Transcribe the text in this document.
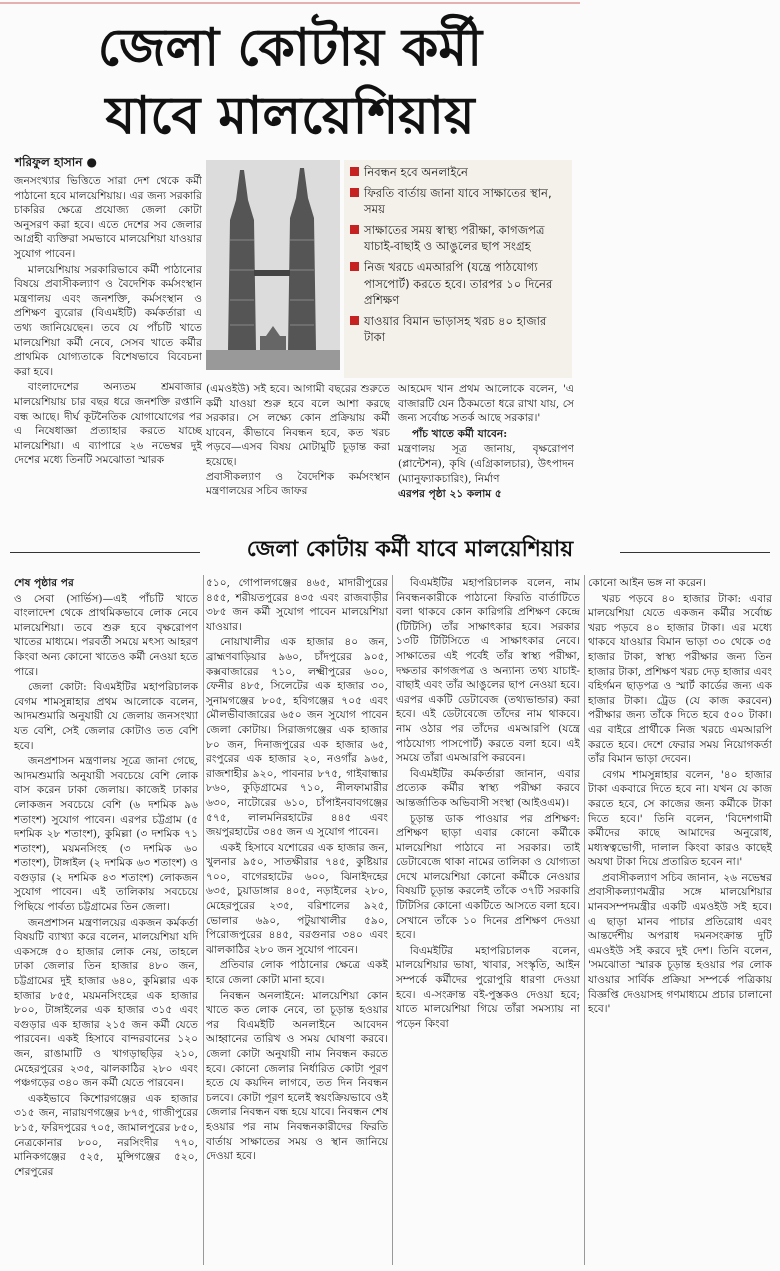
জেলা কোটায় কর্মী
যাবে মালয়েশিয়ায়
শরিফুল হাসান ●

জনসংখ্যার ভিত্তিতে সারা দেশ থেকে কর্মী পাঠানো হবে মালয়েশিয়ায়। এর জন্য সরকারি চাকরির ক্ষেত্রে প্রযোজ্য জেলা কোটা অনুসরণ করা হবে। এতে দেশের সব জেলার আগ্রহী ব্যক্তিরা সমভাবে মালয়েশিয়া যাওয়ার সুযোগ পাবেন।

মালয়েশিয়ায় সরকারিভাবে কর্মী পাঠানোর বিষয়ে প্রবাসীকল্যাণ ও বৈদেশিক কর্মসংস্থান মন্ত্রণালয় এবং জনশক্তি, কর্মসংস্থান ও প্রশিক্ষণ ব্যুরোর (বিএমইটি) কর্মকর্তারা এ তথ্য জানিয়েছেন। তবে যে পাঁচটি খাতে মালয়েশিয়া কর্মী নেবে, সেসব খাতে কর্মীর প্রাথমিক যোগ্যতাকে বিশেষভাবে বিবেচনা করা হবে।

বাংলাদেশের অন্যতম শ্রমবাজার মালয়েশিয়ায় চার বছর ধরে জনশক্তি রপ্তানি বন্ধ আছে। দীর্ঘ কূটনৈতিক যোগাযোগের পর এ নিষেধাজ্ঞা প্রত্যাহার করতে যাচ্ছে মালয়েশিয়া। এ ব্যাপারে ২৬ নভেম্বর দুই দেশের মধ্যে তিনটি সমঝোতা স্মারক

নিবন্ধন হবে অনলাইনে
ফিরতি বার্তায় জানা যাবে সাক্ষাতের স্থান, সময়
সাক্ষাতের সময় স্বাস্থ্য পরীক্ষা, কাগজপত্র যাচাই-বাছাই ও আঙুলের ছাপ সংগ্রহ
নিজ খরচে এমআরপি (যন্ত্রে পাঠযোগ্য পাসপোর্ট) করতে হবে। তারপর ১০ দিনের প্রশিক্ষণ
যাওয়ার বিমান ভাড়াসহ খরচ ৪০ হাজার টাকা
(এমওইউ) সই হবে। আগামী বছরের শুরুতে কর্মী যাওয়া শুরু হবে বলে আশা করছে সরকার। সে লক্ষ্যে কোন প্রক্রিয়ায় কর্মী যাবেন, কীভাবে নিবন্ধন হবে, কত খরচ পড়বে—এসব বিষয় মোটামুটি চূড়ান্ত করা হয়েছে।
প্রবাসীকল্যাণ ও বৈদেশিক কর্মসংস্থান মন্ত্রণালয়ের সচিব জাফর

আহমেদ খান প্রথম আলোকে বলেন, 'এ বাজারটি যেন ঠিকমতো ধরে রাখা যায়, সে জন্য সর্বোচ্চ সতর্ক আছে সরকার।'

পাঁচ খাতে কর্মী যাবেন:

মন্ত্রণালয় সূত্র জানায়, বৃক্ষরোপণ (প্লান্টেশন), কৃষি (এগ্রিকালচার), উৎপাদন (ম্যানুফ্যাকচারিং), নির্মাণ

এরপর পৃষ্ঠা ২১ কলাম ৫

জেলা কোটায় কর্মী যাবে মালয়েশিয়ায়

শেষ পৃষ্ঠার পর

ও সেবা (সার্ভিস)—এই পাঁচটি খাতে বাংলাদেশ থেকে প্রাথমিকভাবে লোক নেবে মালয়েশিয়া। তবে শুরু হবে বৃক্ষরোপণ খাতের মাধ্যমে। পরবর্তী সময়ে মৎস্য আহরণ কিংবা অন্য কোনো খাতেও কর্মী নেওয়া হতে পারে।

জেলা কোটা: বিএমইটির মহাপরিচালক বেগম শামসুন্নাহার প্রথম আলোকে বলেন, আদমশুমারি অনুযায়ী যে জেলায় জনসংখ্যা যত বেশি, সেই জেলার কোটাও তত বেশি হবে।

জনপ্রশাসন মন্ত্রণালয় সূত্রে জানা গেছে, আদমশুমারি অনুযায়ী সবচেয়ে বেশি লোক বাস করেন ঢাকা জেলায়। কাজেই ঢাকার লোকজন সবচেয়ে বেশি (৬ দশমিক ৯৬ শতাংশ) সুযোগ পাবেন। এরপর চট্টগ্রাম (৫ দশমিক ২৮ শতাংশ), কুমিল্লা (৩ দশমিক ৭১ শতাংশ), ময়মনসিংহ (৩ দশমিক ৬০ শতাংশ), টাঙ্গাইল (২ দশমিক ৬৩ শতাংশ) ও বগুড়ার (২ দশমিক ৪৩ শতাংশ) লোকজন সুযোগ পাবেন। এই তালিকায় সবচেয়ে পিছিয়ে পার্বত্য চট্টগ্রামের তিন জেলা।

জনপ্রশাসন মন্ত্রণালয়ের একজন কর্মকর্তা বিষয়টি ব্যাখ্যা করে বলেন, মালয়েশিয়া যদি একসঙ্গে ৫০ হাজার লোক নেয়, তাহলে ঢাকা জেলার তিন হাজার ৪৮০ জন, চট্টগ্রামের দুই হাজার ৬৪০, কুমিল্লার এক হাজার ৮৫৫, ময়মনসিংহের এক হাজার ৮০০, টাঙ্গাইলের এক হাজার ৩১৫ এবং বগুড়ার এক হাজার ২১৫ জন কর্মী যেতে পারবেন। একই হিসাবে বান্দরবানের ১২০ জন, রাঙামাটি ও খাগড়াছড়ির ২১০, মেহেরপুরের ২৩৫, ঝালকাঠির ২৮০ এবং পঞ্চগড়ের ৩৪০ জন কর্মী যেতে পারবেন।

একইভাবে কিশোরগঞ্জের এক হাজার ৩১৫ জন, নারায়ণগঞ্জের ৮৭৫, গাজীপুরের ৮১৫, ফরিদপুরের ৭০৫, জামালপুরের ৮৫০, নেত্রকোনার ৮০০, নরসিংদীর ৭৭০, মানিকগঞ্জের ৫২৫, মুন্সিগঞ্জের ৫২০, শেরপুরের

৫১০, গোপালগঞ্জের ৪৬৫, মাদারীপুরের ৪৫৫, শরীয়তপুরের ৪৩৫ এবং রাজবাড়ীর ৩৮৫ জন কর্মী সুযোগ পাবেন মালয়েশিয়া যাওয়ার।

নোয়াখালীর এক হাজার ৪০ জন, ব্রাহ্মণবাড়িয়ার ৯৬০, চাঁদপুরের ৯০৫, কক্সবাজারের ৭১০, লক্ষ্মীপুরের ৬০০, ফেনীর ৪৮৫, সিলেটের এক হাজার ৩০, সুনামগঞ্জের ৮০৫, হবিগঞ্জের ৭০৫ এবং মৌলভীবাজারের ৬৫০ জন সুযোগ পাবেন জেলা কোটায়। সিরাজগঞ্জের এক হাজার ৮০ জন, দিনাজপুরের এক হাজার ৬৫, রংপুরের এক হাজার ২০, নওগাঁর ৯৬৫, রাজশাহীর ৯২০, পাবনার ৮৭৫, গাইবান্ধার ৮৬০, কুড়িগ্রামের ৭১০, নীলফামারীর ৬৩০, নাটোরের ৬১০, চাঁপাইনবাবগঞ্জের ৫৭৫, লালমনিরহাটের ৪৪৫ এবং জয়পুরহাটের ৩৪৫ জন এ সুযোগ পাবেন।

একই হিসাবে যশোরের এক হাজার জন, খুলনার ৯৫০, সাতক্ষীরার ৭৪৫, কুষ্টিয়ার ৭০০, বাগেরহাটের ৬০০, ঝিনাইদহের ৬৩৫, চুয়াডাঙ্গার ৪০৫, নড়াইলের ২৮০, মেহেরপুরের ২৩৫, বরিশালের ৯২৫, ভোলার ৬৯০, পটুয়াখালীর ৫৯০, পিরোজপুরের ৪৪৫, বরগুনার ৩৪০ এবং ঝালকাঠির ২৮০ জন সুযোগ পাবেন।

প্রতিবার লোক পাঠানোর ক্ষেত্রে একই হারে জেলা কোটা মানা হবে।

নিবন্ধন অনলাইনে: মালয়েশিয়া কোন খাতে কত লোক নেবে, তা চূড়ান্ত হওয়ার পর বিএমইটি অনলাইনে আবেদন আহ্বানের তারিখ ও সময় ঘোষণা করবে। জেলা কোটা অনুযায়ী নাম নিবন্ধন করতে হবে। কোনো জেলার নির্ধারিত কোটা পূরণ হতে যে কয়দিন লাগবে, তত দিন নিবন্ধন চলবে। কোটা পূরণ হলেই স্বয়ংক্রিয়ভাবে ওই জেলার নিবন্ধন বন্ধ হয়ে যাবে। নিবন্ধন শেষ হওয়ার পর নাম নিবন্ধনকারীদের ফিরতি বার্তায় সাক্ষাতের সময় ও স্থান জানিয়ে দেওয়া হবে।

বিএমইটির মহাপরিচালক বলেন, নাম নিবন্ধনকারীকে পাঠানো ফিরতি বার্তাটিতে বলা থাকবে কোন কারিগরি প্রশিক্ষণ কেন্দ্রে (টিটিসি) তাঁর সাক্ষাৎকার হবে। সরকার ১৩টি টিটিসিতে এ সাক্ষাৎকার নেবে। সাক্ষাতের এই পর্বেই তাঁর স্বাস্থ্য পরীক্ষা, দক্ষতার কাগজপত্র ও অন্যান্য তথ্য যাচাই-বাছাই এবং তাঁর আঙুলের ছাপ নেওয়া হবে। এরপর একটি ডেটাবেজ (তথ্যভান্ডার) করা হবে। এই ডেটাবেজে তাঁদের নাম থাকবে। নাম ওঠার পর তাঁদের এমআরপি (যন্ত্রে পাঠযোগ্য পাসপোর্ট) করতে বলা হবে। এই সময়ে তাঁরা এমআরপি করবেন।

বিএমইটির কর্মকর্তারা জানান, এবার প্রত্যেক কর্মীর স্বাস্থ্য পরীক্ষা করবে আন্তর্জাতিক অভিবাসী সংস্থা (আইওএম)।

চূড়ান্ত ডাক পাওয়ার পর প্রশিক্ষণ: প্রশিক্ষণ ছাড়া এবার কোনো কর্মীকে মালয়েশিয়া পাঠাবে না সরকার। তাই ডেটাবেজে থাকা নামের তালিকা ও যোগ্যতা দেখে মালয়েশিয়া কোনো কর্মীকে নেওয়ার বিষয়টি চূড়ান্ত করলেই তাঁকে ৩৭টি সরকারি টিটিসির কোনো একটিতে আসতে বলা হবে। সেখানে তাঁকে ১০ দিনের প্রশিক্ষণ দেওয়া হবে।

বিএমইটির মহাপরিচালক বলেন, মালয়েশিয়ার ভাষা, খাবার, সংস্কৃতি, আইন সম্পর্কে কর্মীদের পুরোপুরি ধারণা দেওয়া হবে। এ-সংক্রান্ত বই-পুস্তকও দেওয়া হবে; যাতে মালয়েশিয়া গিয়ে তাঁরা সমস্যায় না পড়েন কিংবা

কোনো আইন ভঙ্গ না করেন।

খরচ পড়বে ৪০ হাজার টাকা: এবার মালয়েশিয়া যেতে একজন কর্মীর সর্বোচ্চ খরচ পড়বে ৪০ হাজার টাকা। এর মধ্যে থাকবে যাওয়ার বিমান ভাড়া ৩০ থেকে ৩৫ হাজার টাকা, স্বাস্থ্য পরীক্ষার জন্য তিন হাজার টাকা, প্রশিক্ষণ খরচ দেড় হাজার এবং বহির্গমন ছাড়পত্র ও স্মার্ট কার্ডের জন্য এক হাজার টাকা। ট্রেড (যে কাজ করবেন) পরীক্ষার জন্য তাঁকে দিতে হবে ৫০০ টাকা। এর বাইরে প্রার্থীকে নিজ খরচে এমআরপি করতে হবে। দেশে ফেরার সময় নিয়োগকর্তা তাঁর বিমান ভাড়া দেবেন।

বেগম শামসুন্নাহার বলেন, '৪০ হাজার টাকা একবারে দিতে হবে না। যখন যে কাজ করতে হবে, সে কাজের জন্য কর্মীকে টাকা দিতে হবে।' তিনি বলেন, 'বিদেশগামী কর্মীদের কাছে আমাদের অনুরোধ, মধ্যস্বত্বভোগী, দালাল কিংবা কারও কাছেই অযথা টাকা দিয়ে প্রতারিত হবেন না।'

প্রবাসীকল্যাণ সচিব জানান, ২৬ নভেম্বর প্রবাসীকল্যাণমন্ত্রীর সঙ্গে মালয়েশিয়ার মানবসম্পদমন্ত্রীর একটি এমওইউ সই হবে। এ ছাড়া মানব পাচার প্রতিরোধ এবং আন্তর্দেশীয় অপরাধ দমনসংক্রান্ত দুটি এমওইউ সই করবে দুই দেশ। তিনি বলেন, 'সমঝোতা স্মারক চূড়ান্ত হওয়ার পর লোক যাওয়ার সার্বিক প্রক্রিয়া সম্পর্কে পত্রিকায় বিজ্ঞপ্তি দেওয়াসহ গণমাধ্যমে প্রচার চালানো হবে।'
